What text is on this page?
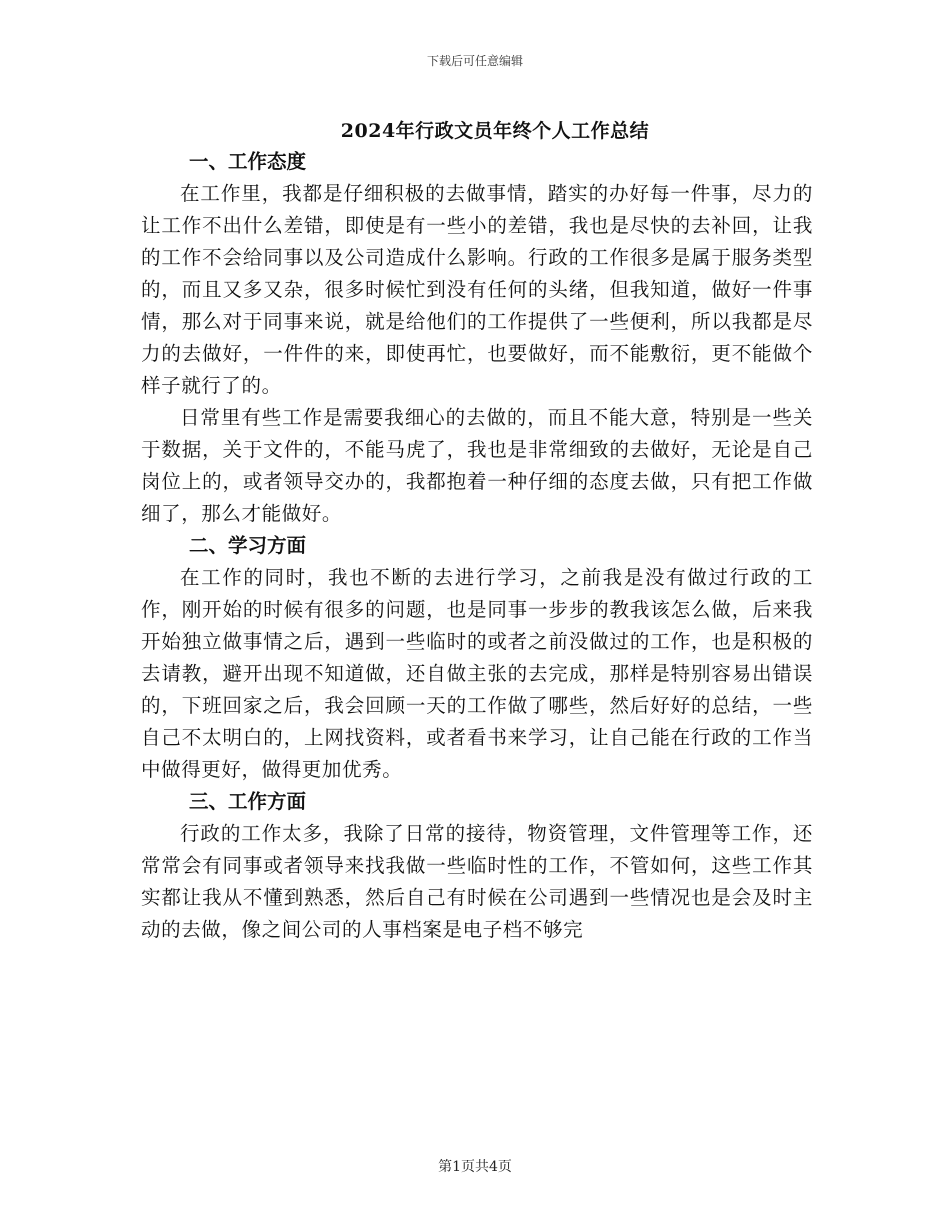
下载后可任意编辑
2024年行政文员年终个人工作总结

一、工作态度

在工作里，我都是仔细积极的去做事情，踏实的办好每一件事，尽力的让工作不出什么差错，即使是有一些小的差错，我也是尽快的去补回，让我的工作不会给同事以及公司造成什么影响。行政的工作很多是属于服务类型的，而且又多又杂，很多时候忙到没有任何的头绪，但我知道，做好一件事情，那么对于同事来说，就是给他们的工作提供了一些便利，所以我都是尽力的去做好，一件件的来，即使再忙，也要做好，而不能敷衍，更不能做个样子就行了的。

日常里有些工作是需要我细心的去做的，而且不能大意，特别是一些关于数据，关于文件的，不能马虎了，我也是非常细致的去做好，无论是自己岗位上的，或者领导交办的，我都抱着一种仔细的态度去做，只有把工作做细了，那么才能做好。

二、学习方面

在工作的同时，我也不断的去进行学习，之前我是没有做过行政的工作，刚开始的时候有很多的问题，也是同事一步步的教我该怎么做，后来我开始独立做事情之后，遇到一些临时的或者之前没做过的工作，也是积极的去请教，避开出现不知道做，还自做主张的去完成，那样是特别容易出错误的，下班回家之后，我会回顾一天的工作做了哪些，然后好好的总结，一些自己不太明白的，上网找资料，或者看书来学习，让自己能在行政的工作当中做得更好，做得更加优秀。

三、工作方面

行政的工作太多，我除了日常的接待，物资管理，文件管理等工作，还常常会有同事或者领导来找我做一些临时性的工作，不管如何，这些工作其实都让我从不懂到熟悉，然后自己有时候在公司遇到一些情况也是会及时主动的去做，像之间公司的人事档案是电子档不够完

第1页共4页
